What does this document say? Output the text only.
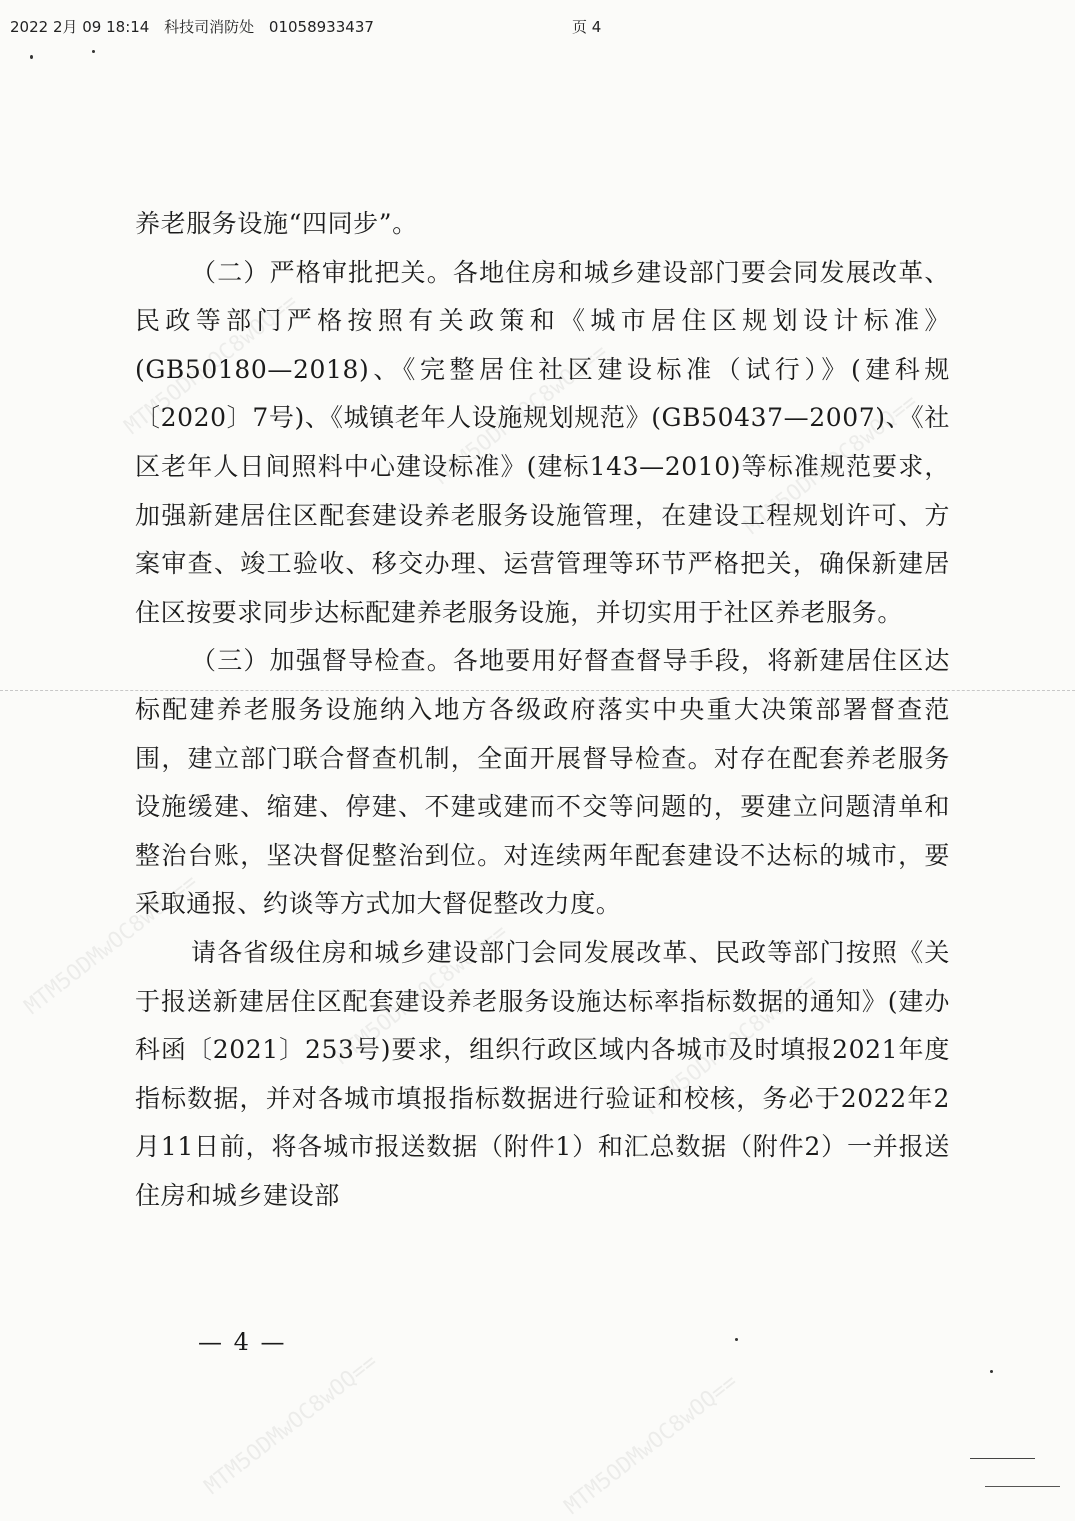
2022 2月 09 18:14 科技司消防处 01058933437	页 4
MTM5ODMwOC8wOQ==	MTM5ODMwOC8wOQ==	MTM5ODMwOC8wOQ==
MTM5ODMwOC8wOQ==	MTM5ODMwOC8wOQ==	MTM5ODMwOC8wOQ==
MTM5ODMwOC8wOQ==	MTM5ODMwOC8wOQ==

养老服务设施“四同步”。

（二）严格审批把关。各地住房和城乡建设部门要会同发展改革、民政等部门严格按照有关政策和《城市居住区规划设计标准》(GB50180—2018)、《完整居住社区建设标准（试行）》(建科规〔2020〕7号)、《城镇老年人设施规划规范》(GB50437—2007)、《社区老年人日间照料中心建设标准》(建标143—2010)等标准规范要求，加强新建居住区配套建设养老服务设施管理，在建设工程规划许可、方案审查、竣工验收、移交办理、运营管理等环节严格把关，确保新建居住区按要求同步达标配建养老服务设施，并切实用于社区养老服务。

（三）加强督导检查。各地要用好督查督导手段，将新建居住区达标配建养老服务设施纳入地方各级政府落实中央重大决策部署督查范围，建立部门联合督查机制，全面开展督导检查。对存在配套养老服务设施缓建、缩建、停建、不建或建而不交等问题的，要建立问题清单和整治台账，坚决督促整治到位。对连续两年配套建设不达标的城市，要采取通报、约谈等方式加大督促整改力度。

请各省级住房和城乡建设部门会同发展改革、民政等部门按照《关于报送新建居住区配套建设养老服务设施达标率指标数据的通知》(建办科函〔2021〕253号)要求，组织行政区域内各城市及时填报2021年度指标数据，并对各城市填报指标数据进行验证和校核，务必于2022年2月11日前，将各城市报送数据（附件1）和汇总数据（附件2）一并报送住房和城乡建设部

— 4 —
